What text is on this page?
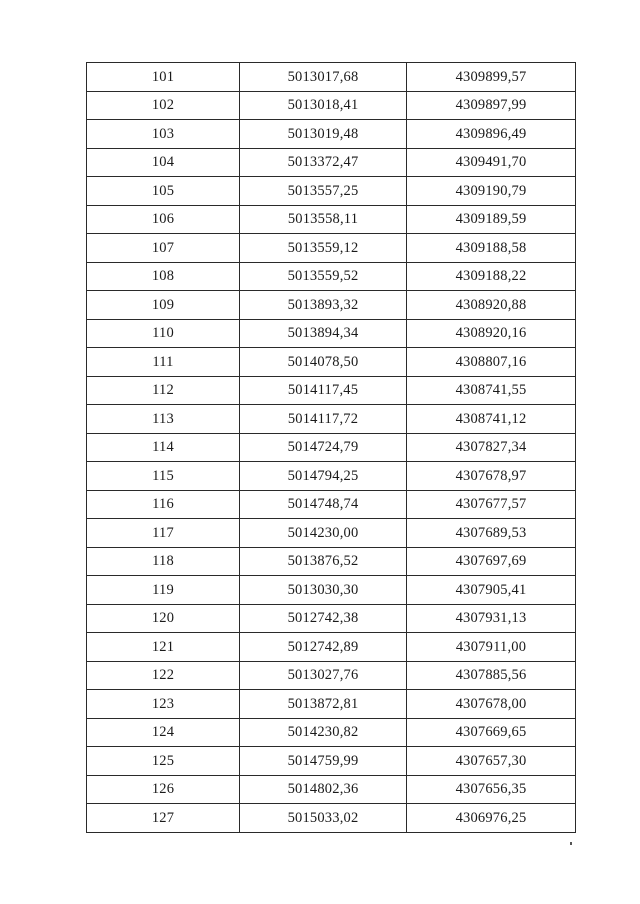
101	5013017,68	4309899,57
102	5013018,41	4309897,99
103	5013019,48	4309896,49
104	5013372,47	4309491,70
105	5013557,25	4309190,79
106	5013558,11	4309189,59
107	5013559,12	4309188,58
108	5013559,52	4309188,22
109	5013893,32	4308920,88
110	5013894,34	4308920,16
111	5014078,50	4308807,16
112	5014117,45	4308741,55
113	5014117,72	4308741,12
114	5014724,79	4307827,34
115	5014794,25	4307678,97
116	5014748,74	4307677,57
117	5014230,00	4307689,53
118	5013876,52	4307697,69
119	5013030,30	4307905,41
120	5012742,38	4307931,13
121	5012742,89	4307911,00
122	5013027,76	4307885,56
123	5013872,81	4307678,00
124	5014230,82	4307669,65
125	5014759,99	4307657,30
126	5014802,36	4307656,35
127	5015033,02	4306976,25
